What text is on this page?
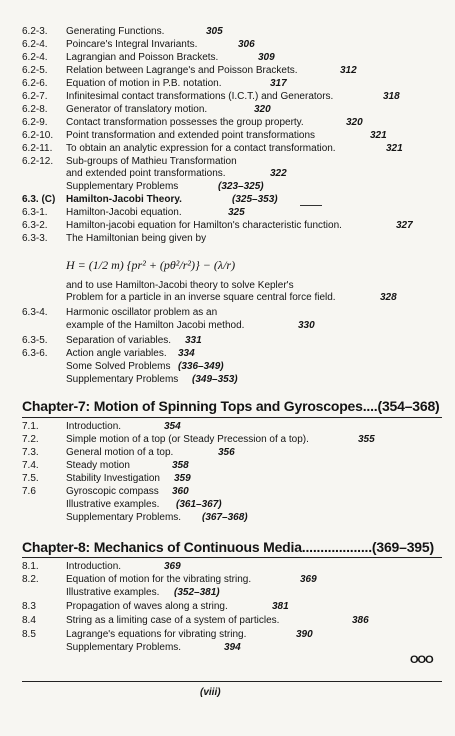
6.2-3. Generating Functions.	305
6.2-4. Poincare's Integral Invariants.	306
6.2-4. Lagrangian and Poisson Brackets.	309
6.2-5. Relation between Lagrange's and Poisson Brackets.	312
6.2-6. Equation of motion in P.B. notation.	317
6.2-7. Infinitesimal contact transformations (I.C.T.) and Generators.	318
6.2-8. Generator of translatory motion.	320
6.2-9. Contact transformation possesses the group property.	320
6.2-10. Point transformation and extended point transformations	321
6.2-11. To obtain an analytic expression for a contact transformation.	321
6.2-12. Sub-groups of Mathieu Transformation
and extended point transformations.	322
Supplementary Problems	(323–325)
6.3. (C) Hamilton-Jacobi Theory.	(325–353)
6.3-1. Hamilton-Jacobi equation.	325
6.3-2. Hamilton-jacobi equation for Hamilton's characteristic function.	327
6.3-3. The Hamiltonian being given by
H = (1/2 m) {pr² + (pθ²/r²)} − (λ/r)
and to use Hamilton-Jacobi theory to solve Kepler's
Problem for a particle in an inverse square central force field.	328
6.3-4. Harmonic oscillator problem as an
example of the Hamilton Jacobi method.	330
6.3-5. Separation of variables. 331
6.3-6. Action angle variables. 334
Some Solved Problems (336–349)
Supplementary Problems (349–353)
Chapter-7: Motion of Spinning Tops and Gyroscopes....(354–368)
7.1.	Introduction.	354
7.2.	Simple motion of a top (or Steady Precession of a top).	355
7.3.	General motion of a top.	356
7.4.	Steady motion	358
7.5.	Stability Investigation 359
7.6	Gyroscopic compass 360
Illustrative examples. (361–367)
Supplementary Problems. (367–368)
Chapter-8: Mechanics of Continuous Media...................(369–395)
8.1.	Introduction.	369
8.2.	Equation of motion for the vibrating string.	369
Illustrative examples. (352–381)
8.3	Propagation of waves along a string.	381
8.4	String as a limiting case of a system of particles.	386
8.5	Lagrange's equations for vibrating string.	390
Supplementary Problems.	394
OOO
(viii)
